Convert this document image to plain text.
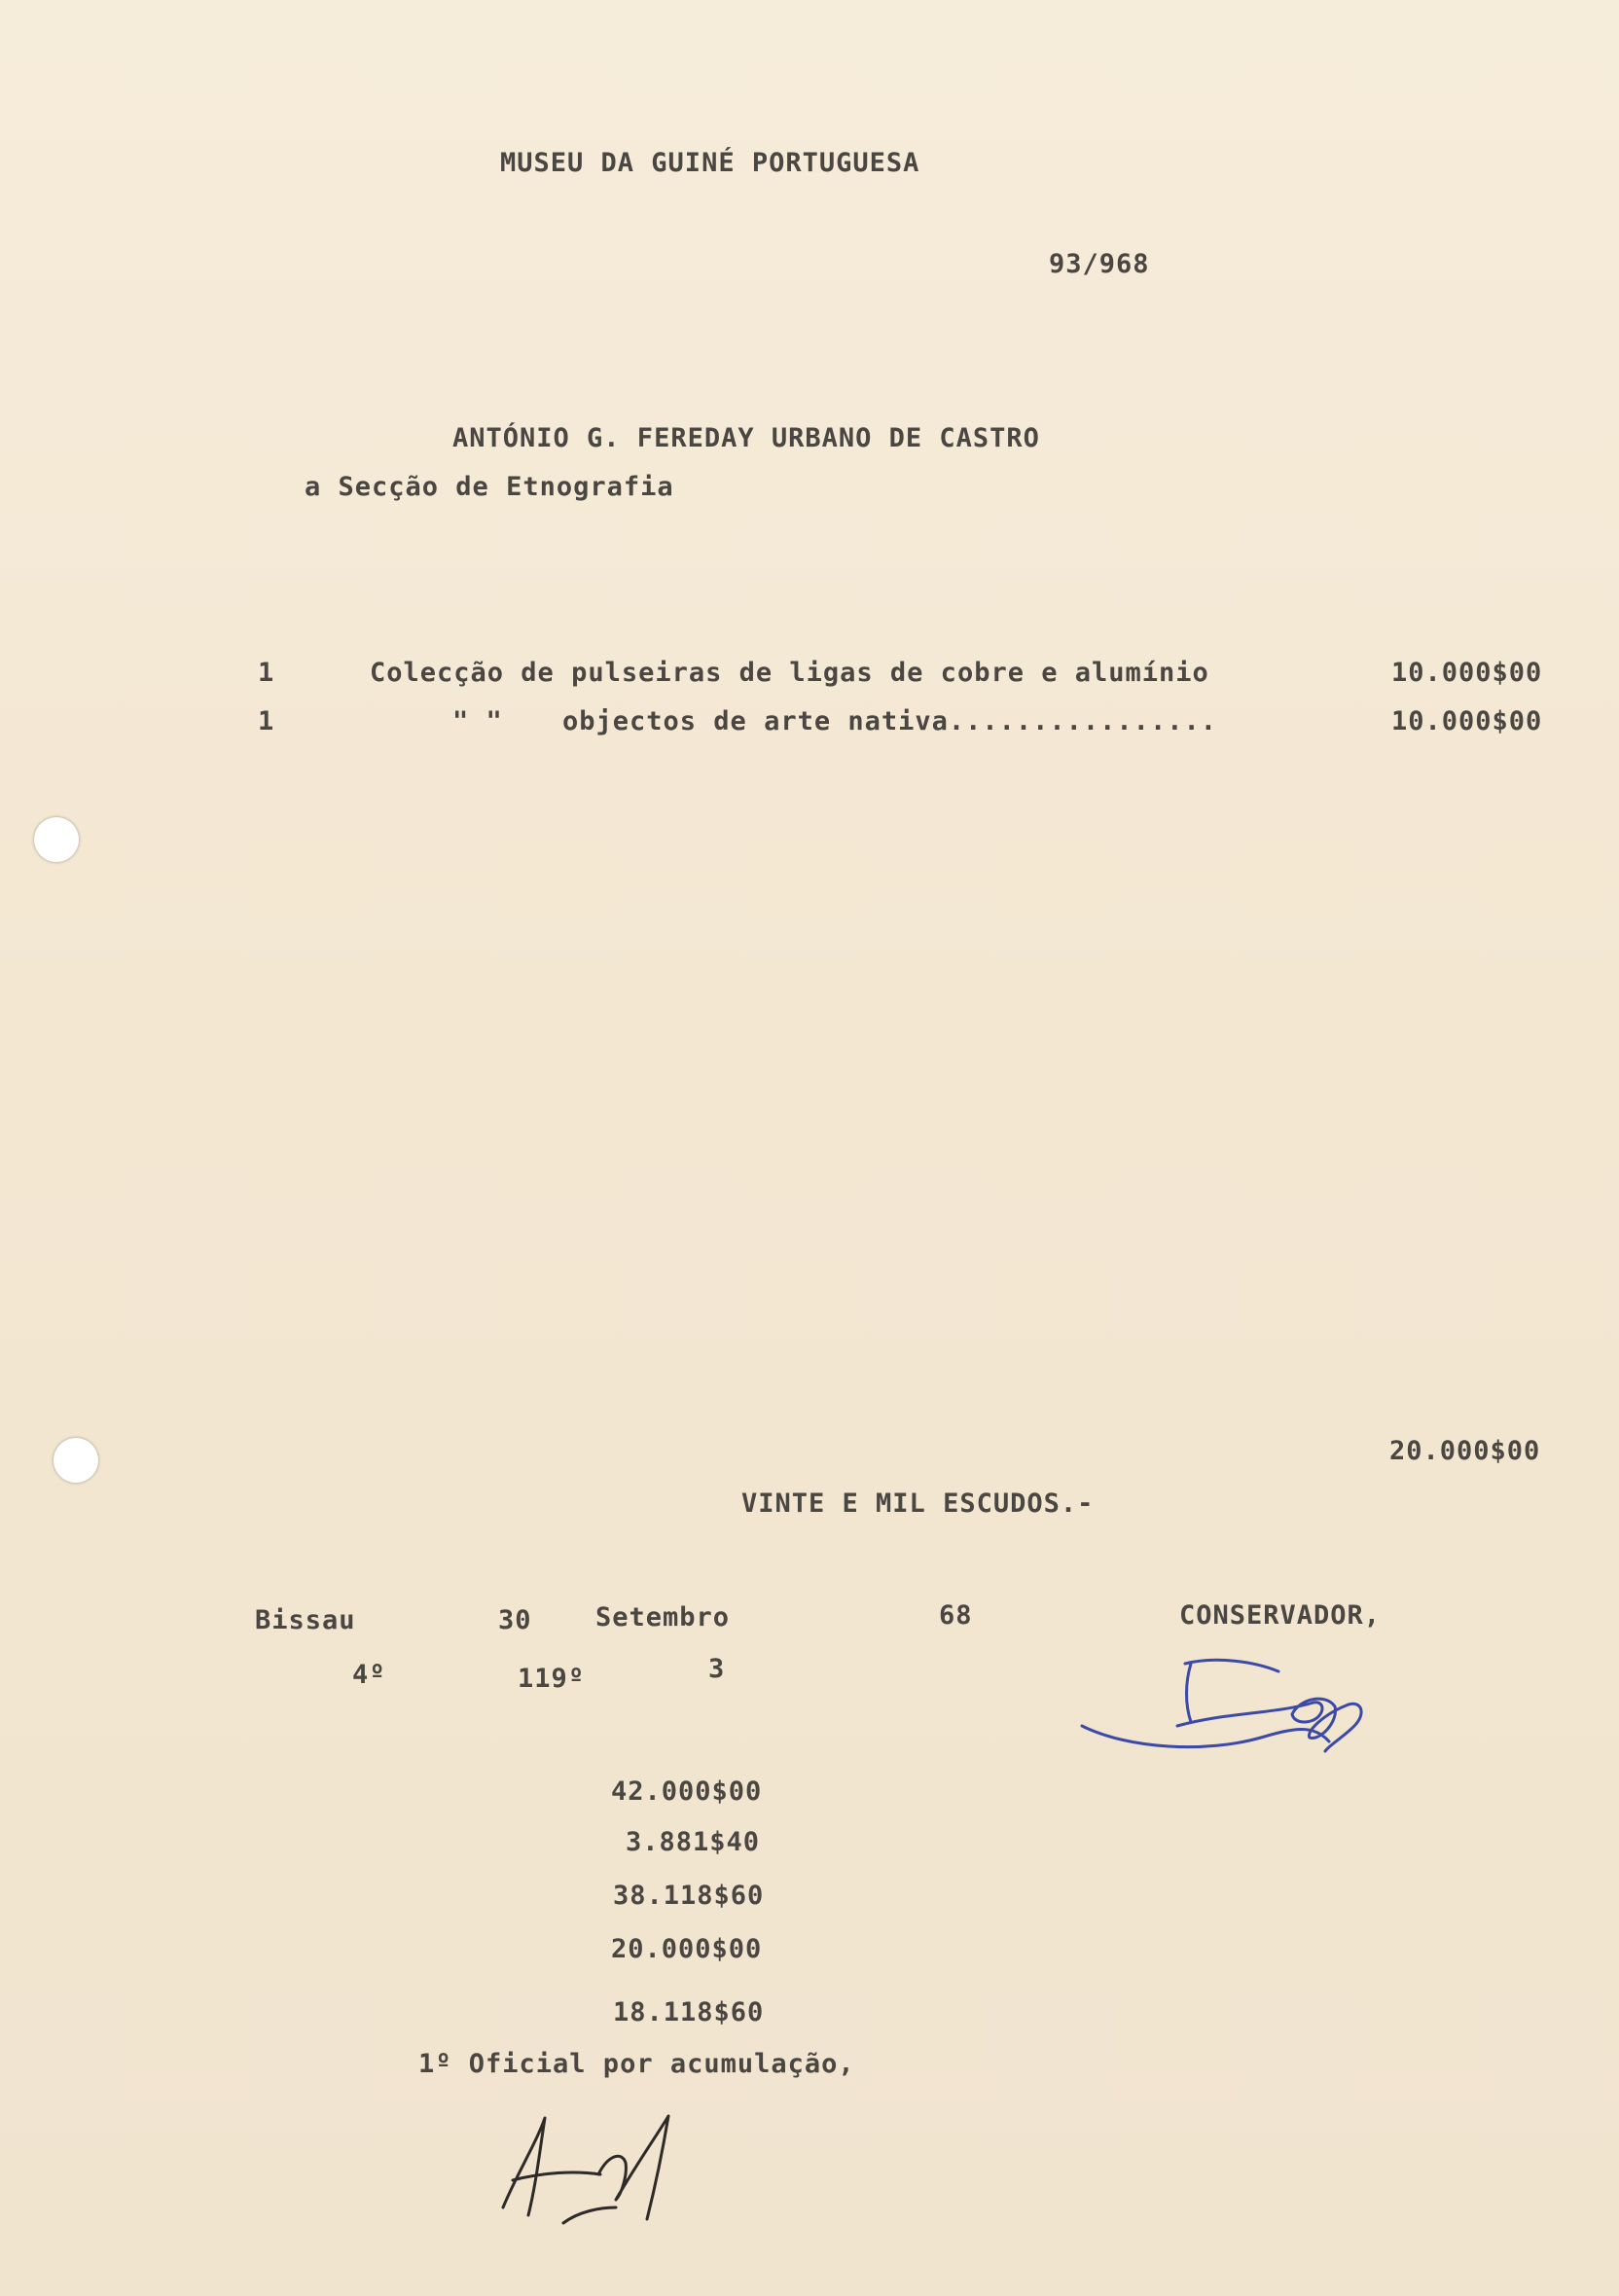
MUSEU DA GUINÉ PORTUGUESA
93/968
ANTÓNIO G. FEREDAY URBANO DE CASTRO
a Secção de Etnografia
1	Colecção de pulseiras de ligas de cobre e alumínio	10.000$00
1	" " objectos de arte nativa................	10.000$00
20.000$00
VINTE E MIL ESCUDOS.-
Bissau	30 Setembro	68	CONSERVADOR,
4º	119º	3
42.000$00
3.881$40
38.118$60
20.000$00
18.118$60
1º Oficial por acumulação,
